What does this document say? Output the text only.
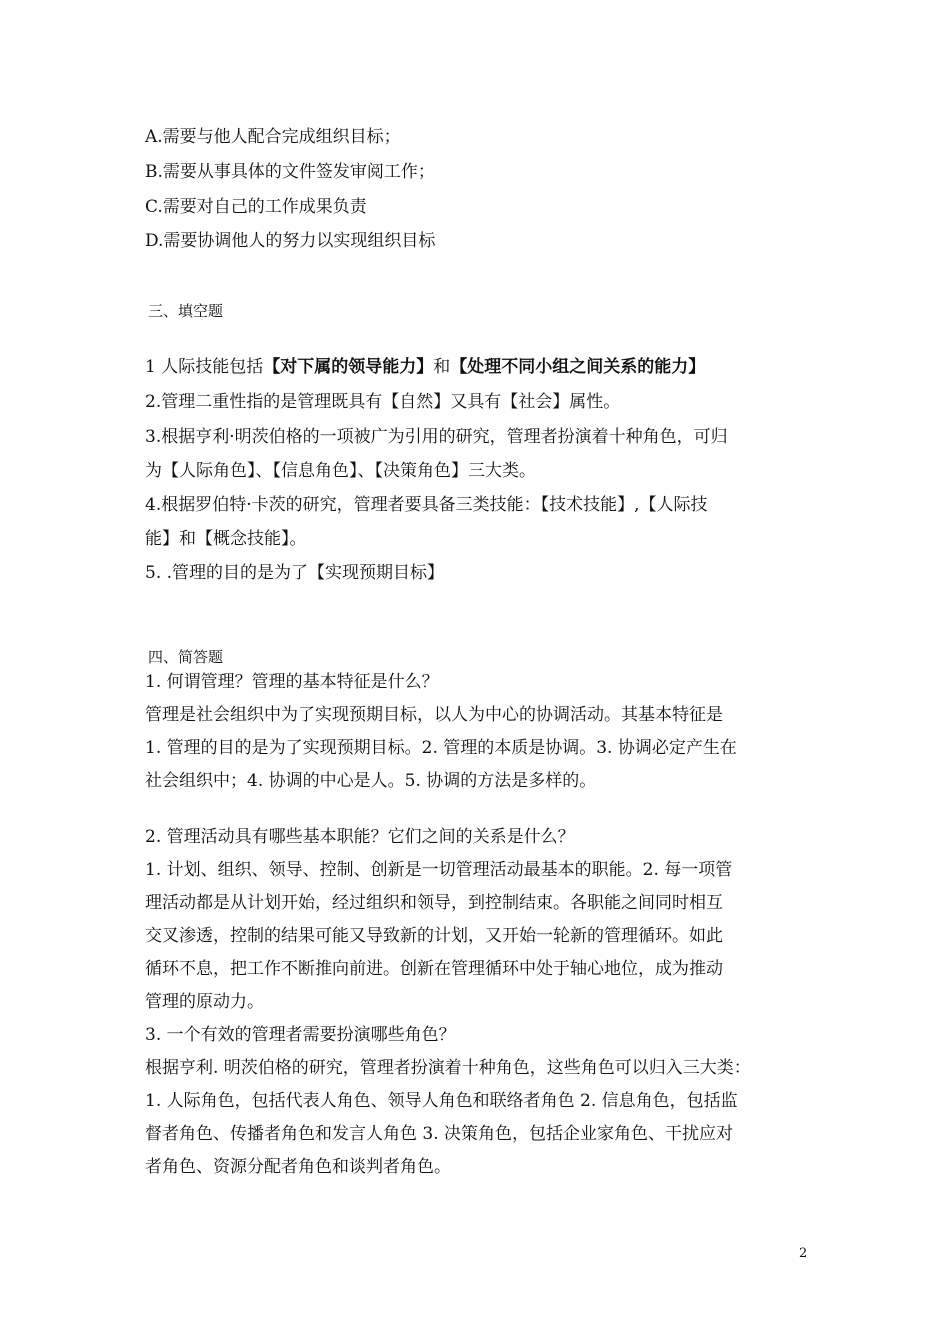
A.需要与他人配合完成组织目标；
B.需要从事具体的文件签发审阅工作；
C.需要对自己的工作成果负责
D.需要协调他人的努力以实现组织目标
三、填空题
1 人际技能包括【对下属的领导能力】和【处理不同小组之间关系的能力】
2.管理二重性指的是管理既具有【自然】又具有【社会】属性。
3.根据亨利·明茨伯格的一项被广为引用的研究，管理者扮演着十种角色，可归
为【人际角色】、【信息角色】、【决策角色】三大类。
4.根据罗伯特·卡茨的研究，管理者要具备三类技能：【技术技能】,【人际技
能】和【概念技能】。
5. .管理的目的是为了【实现预期目标】
四、简答题
1. 何谓管理？管理的基本特征是什么？
管理是社会组织中为了实现预期目标，以人为中心的协调活动。其基本特征是
1. 管理的目的是为了实现预期目标。2. 管理的本质是协调。3. 协调必定产生在
社会组织中；4. 协调的中心是人。5. 协调的方法是多样的。
2. 管理活动具有哪些基本职能？它们之间的关系是什么？
1. 计划、组织、领导、控制、创新是一切管理活动最基本的职能。2. 每一项管
理活动都是从计划开始，经过组织和领导，到控制结束。各职能之间同时相互
交叉渗透，控制的结果可能又导致新的计划，又开始一轮新的管理循环。如此
循环不息，把工作不断推向前进。创新在管理循环中处于轴心地位，成为推动
管理的原动力。
3. 一个有效的管理者需要扮演哪些角色？
根据亨利. 明茨伯格的研究，管理者扮演着十种角色，这些角色可以归入三大类：
1. 人际角色，包括代表人角色、领导人角色和联络者角色 2. 信息角色，包括监
督者角色、传播者角色和发言人角色 3. 决策角色，包括企业家角色、干扰应对
者角色、资源分配者角色和谈判者角色。
2
